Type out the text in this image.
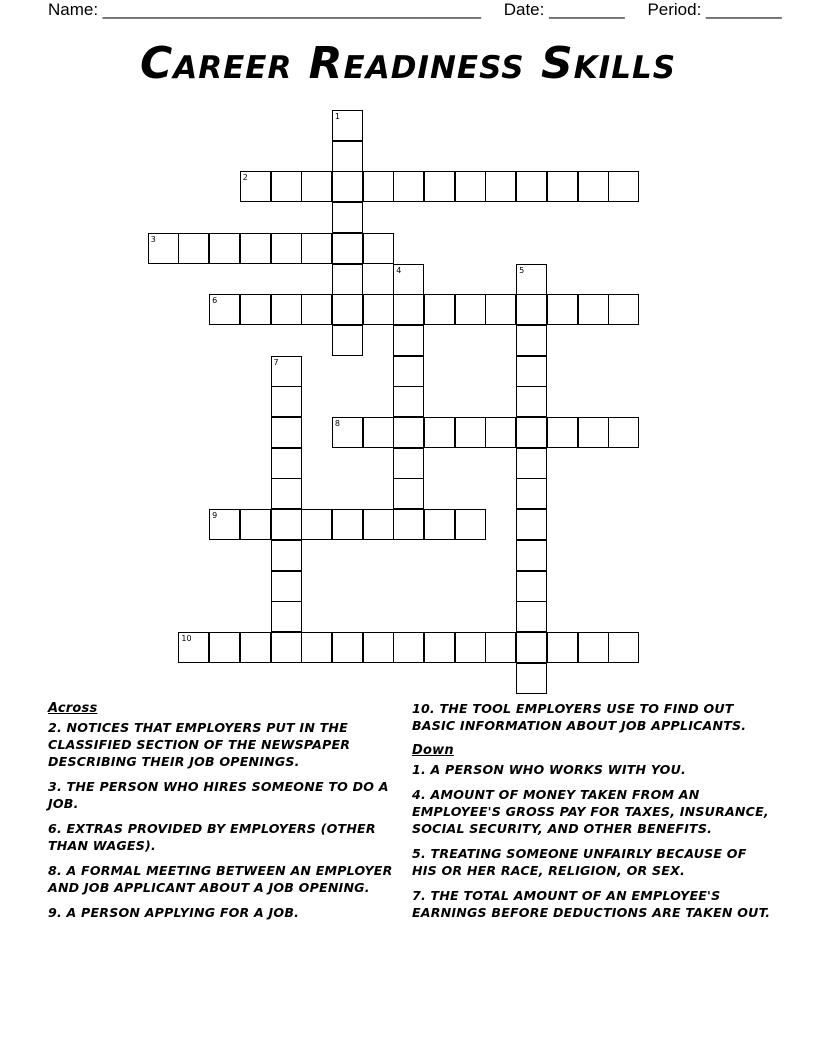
Name: ________________________________________ Date: ________ Period: ________
Career Readiness Skills
1
2
3
4	5
6
7
8
9
10
Across
2. NOTICES THAT EMPLOYERS PUT IN THE CLASSIFIED SECTION OF THE NEWSPAPER DESCRIBING THEIR JOB OPENINGS.
3. THE PERSON WHO HIRES SOMEONE TO DO A JOB.
6. EXTRAS PROVIDED BY EMPLOYERS (OTHER THAN WAGES).
8. A FORMAL MEETING BETWEEN AN EMPLOYER AND JOB APPLICANT ABOUT A JOB OPENING.
9. A PERSON APPLYING FOR A JOB.
10. THE TOOL EMPLOYERS USE TO FIND OUT BASIC INFORMATION ABOUT JOB APPLICANTS.
Down
1. A PERSON WHO WORKS WITH YOU.
4. AMOUNT OF MONEY TAKEN FROM AN EMPLOYEE'S GROSS PAY FOR TAXES, INSURANCE, SOCIAL SECURITY, AND OTHER BENEFITS.
5. TREATING SOMEONE UNFAIRLY BECAUSE OF HIS OR HER RACE, RELIGION, OR SEX.
7. THE TOTAL AMOUNT OF AN EMPLOYEE'S EARNINGS BEFORE DEDUCTIONS ARE TAKEN OUT.
